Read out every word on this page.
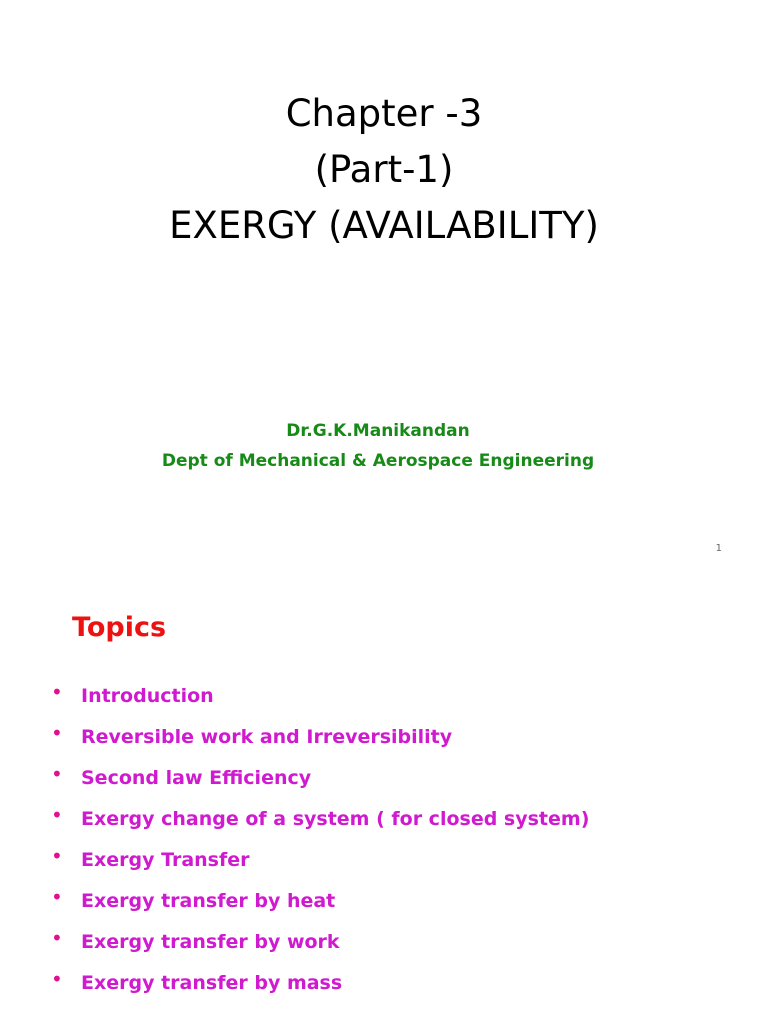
Chapter -3
(Part-1)
EXERGY (AVAILABILITY)
Dr.G.K.Manikandan
Dept of Mechanical & Aerospace Engineering
1
Topics
• Introduction
• Reversible work and Irreversibility
• Second law Efficiency
• Exergy change of a system ( for closed system)
• Exergy Transfer
• Exergy transfer by heat
• Exergy transfer by work
• Exergy transfer by mass
